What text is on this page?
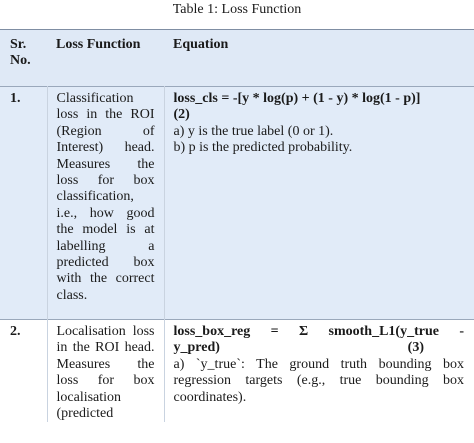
Table 1: Loss Function
Sr. No.	Loss Function	Equation
1.	Classification loss in the ROI (Region of Interest) head. Measures the loss for box classification, i.e., how good the model is at labelling a predicted box with the correct class.	loss_cls = -[y * log(p) + (1 - y) * log(1 - p)]
(2)
a) y is the true label (0 or 1).
b) p is the predicted probability.

2.	Localisation loss in the ROI head. Measures the loss for box localisation (predicted	loss_box_reg = Σ smooth_L1(y_true -
y_pred) (3)
a) `y_true`: The ground truth bounding box regression targets (e.g., true bounding box coordinates).
